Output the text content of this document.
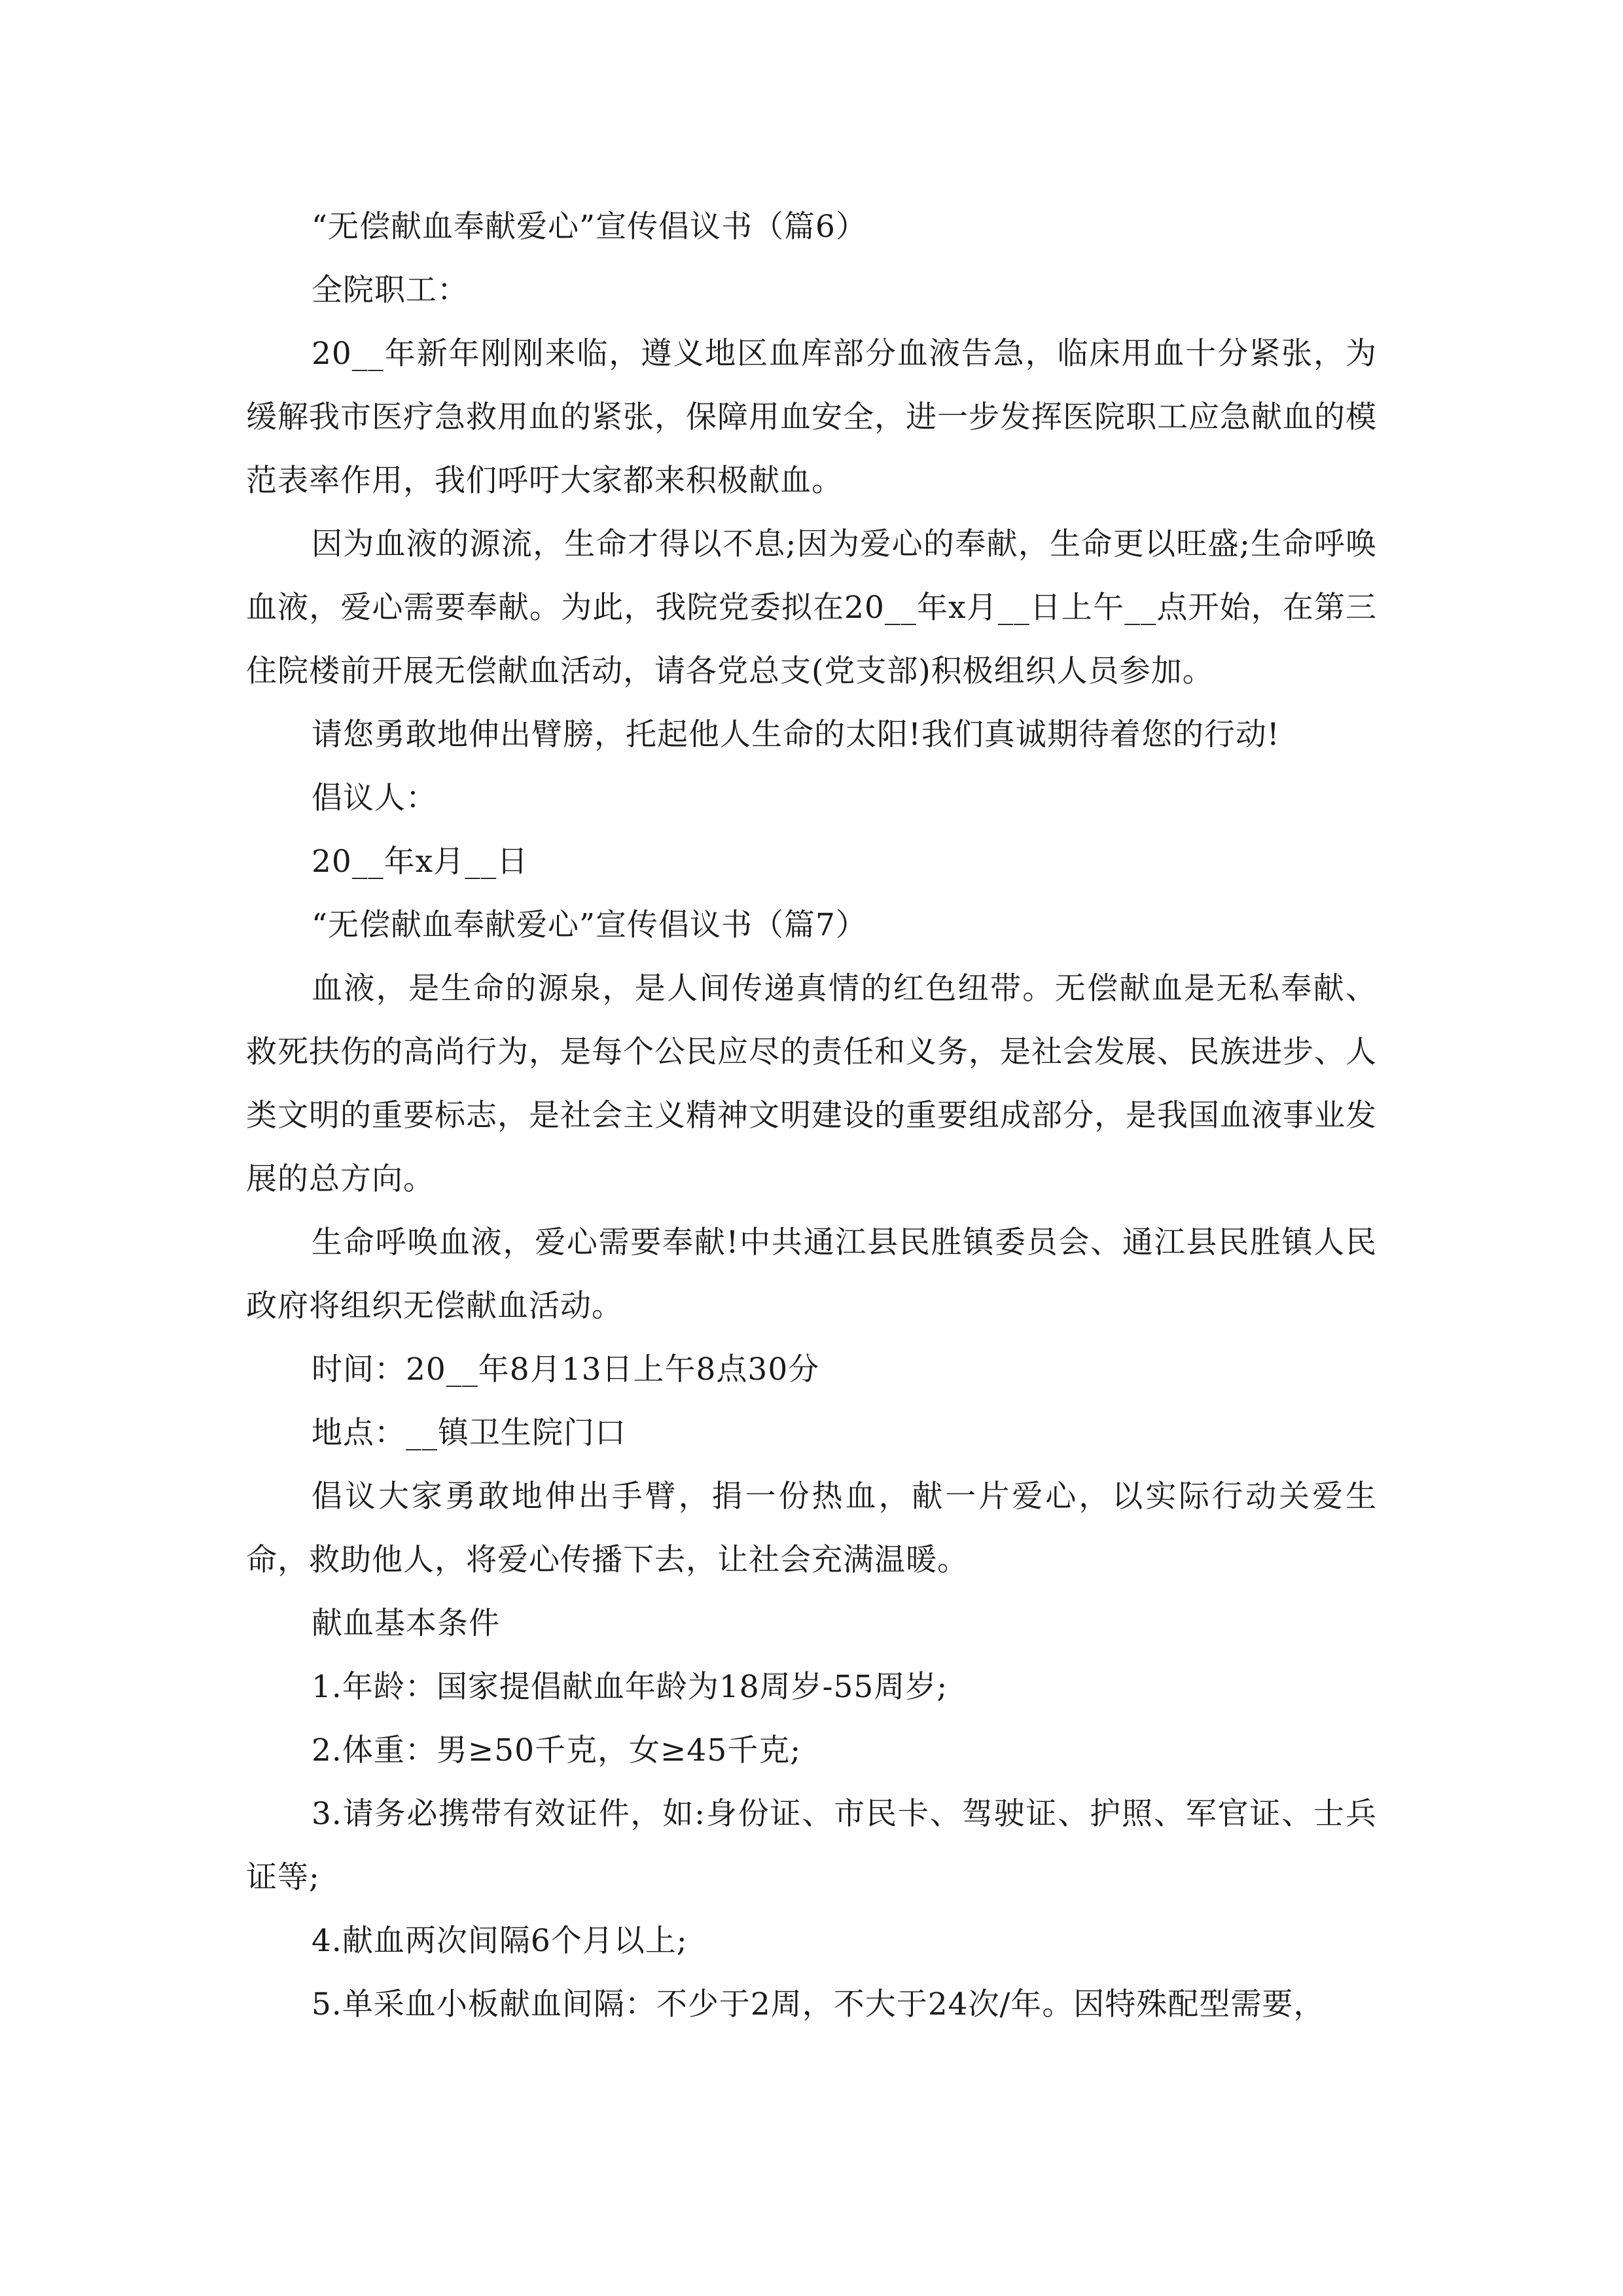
“无偿献血奉献爱心”宣传倡议书（篇6）

全院职工：

20__年新年刚刚来临，遵义地区血库部分血液告急，临床用血十分紧张，为缓解我市医疗急救用血的紧张，保障用血安全，进一步发挥医院职工应急献血的模范表率作用，我们呼吁大家都来积极献血。

因为血液的源流，生命才得以不息;因为爱心的奉献，生命更以旺盛;生命呼唤血液，爱心需要奉献。为此，我院党委拟在20__年x月__日上午__点开始，在第三住院楼前开展无偿献血活动，请各党总支(党支部)积极组织人员参加。

请您勇敢地伸出臂膀，托起他人生命的太阳!我们真诚期待着您的行动!

倡议人：

20__年x月__日

“无偿献血奉献爱心”宣传倡议书（篇7）

血液，是生命的源泉，是人间传递真情的红色纽带。无偿献血是无私奉献、救死扶伤的高尚行为，是每个公民应尽的责任和义务，是社会发展、民族进步、人类文明的重要标志，是社会主义精神文明建设的重要组成部分，是我国血液事业发展的总方向。

生命呼唤血液，爱心需要奉献!中共通江县民胜镇委员会、通江县民胜镇人民政府将组织无偿献血活动。

时间：20__年8月13日上午8点30分

地点：__镇卫生院门口

倡议大家勇敢地伸出手臂，捐一份热血，献一片爱心，以实际行动关爱生命，救助他人，将爱心传播下去，让社会充满温暖。

献血基本条件

1.年龄：国家提倡献血年龄为18周岁-55周岁;

2.体重：男≥50千克，女≥45千克;

3.请务必携带有效证件，如:身份证、市民卡、驾驶证、护照、军官证、士兵证等;

4.献血两次间隔6个月以上;

5.单采血小板献血间隔：不少于2周，不大于24次/年。因特殊配型需要，
